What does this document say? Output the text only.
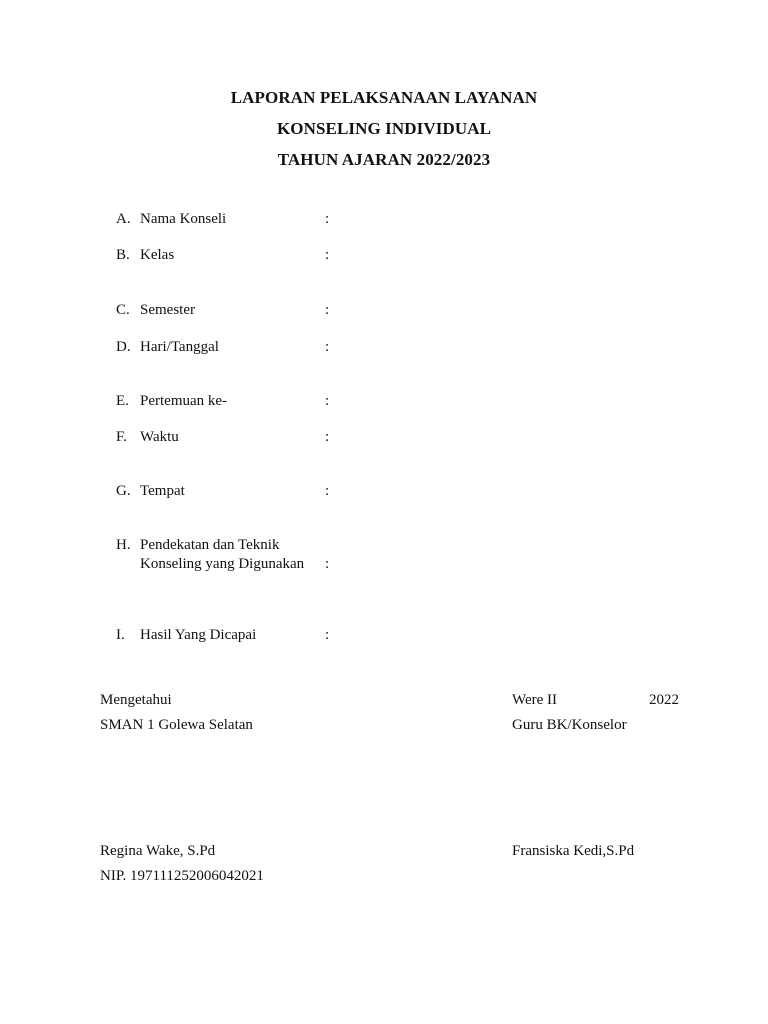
LAPORAN PELAKSANAAN LAYANAN
KONSELING INDIVIDUAL
TAHUN AJARAN 2022/2023
A. Nama Konseli	:
B. Kelas	:
C. Semester	:
D. Hari/Tanggal	:
E. Pertemuan ke-	:
F. Waktu	:
G. Tempat	:
H. Pendekatan dan Teknik
Konseling yang Digunakan	:
I.	Hasil Yang Dicapai	:
Mengetahui
SMAN 1 Golewa Selatan
Regina Wake, S.Pd
NIP. 197111252006042021
Were II	2022
Guru BK/Konselor
Fransiska Kedi,S.Pd
